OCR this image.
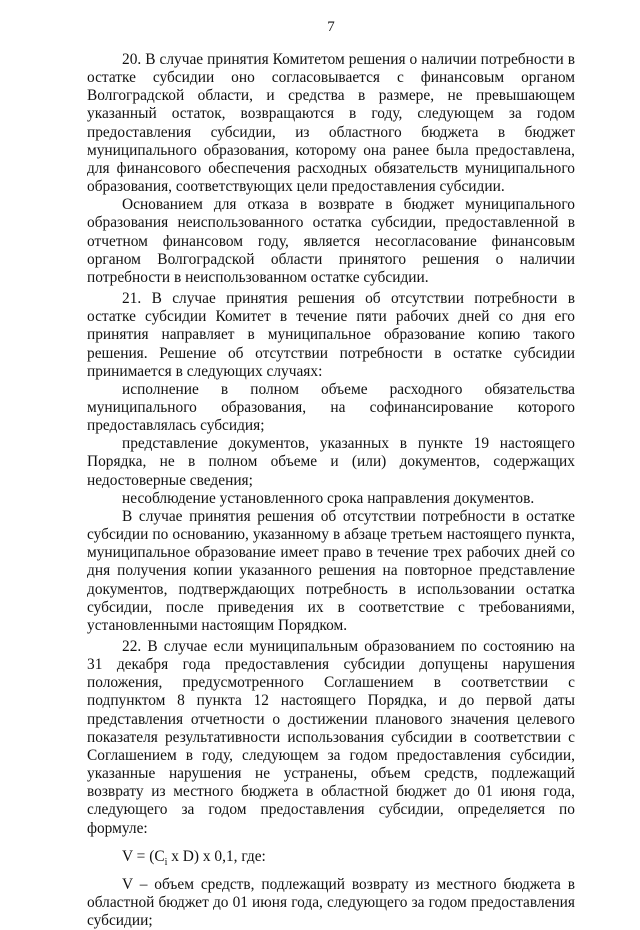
7

20. В случае принятия Комитетом решения о наличии потребности в остатке субсидии оно согласовывается с финансовым органом Волгоградской области, и средства в размере, не превышающем указанный остаток, возвращаются в году, следующем за годом предоставления субсидии, из областного бюджета в бюджет муниципального образования, которому она ранее была предоставлена, для финансового обеспечения расходных обязательств муниципального образования, соответствующих цели предоставления субсидии.

Основанием для отказа в возврате в бюджет муниципального образования неиспользованного остатка субсидии, предоставленной в отчетном финансовом году, является несогласование финансовым органом Волгоградской области принятого решения о наличии потребности в неиспользованном остатке субсидии.

21. В случае принятия решения об отсутствии потребности в остатке субсидии Комитет в течение пяти рабочих дней со дня его принятия направляет в муниципальное образование копию такого решения. Решение об отсутствии потребности в остатке субсидии принимается в следующих случаях:

исполнение в полном объеме расходного обязательства муниципального образования, на софинансирование которого предоставлялась субсидия;

представление документов, указанных в пункте 19 настоящего Порядка, не в полном объеме и (или) документов, содержащих недостоверные сведения;

несоблюдение установленного срока направления документов.

В случае принятия решения об отсутствии потребности в остатке субсидии по основанию, указанному в абзаце третьем настоящего пункта, муниципальное образование имеет право в течение трех рабочих дней со дня получения копии указанного решения на повторное представление документов, подтверждающих потребность в использовании остатка субсидии, после приведения их в соответствие с требованиями, установленными настоящим Порядком.

22. В случае если муниципальным образованием по состоянию на 31 декабря года предоставления субсидии допущены нарушения положения, предусмотренного Соглашением в соответствии с подпунктом 8 пункта 12 настоящего Порядка, и до первой даты представления отчетности о достижении планового значения целевого показателя результативности использования субсидии в соответствии с Соглашением в году, следующем за годом предоставления субсидии, указанные нарушения не устранены, объем средств, подлежащий возврату из местного бюджета в областной бюджет до 01 июня года, следующего за годом предоставления субсидии, определяется по формуле:

$V = (C_i$ x D) x 0,1, где:

V – объем средств, подлежащий возврату из местного бюджета в областной бюджет до 01 июня года, следующего за годом предоставления субсидии;
